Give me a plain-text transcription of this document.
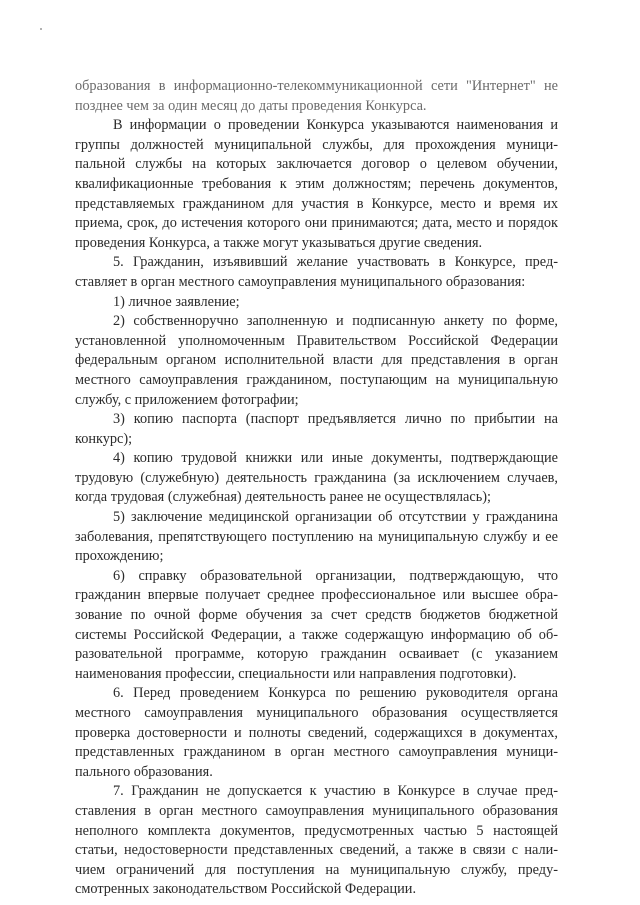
образования в информационно-телекоммуникационной сети "Интернет" не позднее чем за один месяц до даты проведения Конкурса.

В информации о проведении Конкурса указываются наименования и группы должностей муниципальной службы, для прохождения муниципальной службы на которых заключается договор о целевом обучении, квалификационные требования к этим должностям; перечень документов, представляемых гражданином для участия в Конкурсе, место и время их приема, срок, до истечения которого они принимаются; дата, место и порядок проведения Конкурса, а также могут указываться другие сведения.

5. Гражданин, изъявивший желание участвовать в Конкурсе, представляет в орган местного самоуправления муниципального образования:

1) личное заявление;

2) собственноручно заполненную и подписанную анкету по форме, установленной уполномоченным Правительством Российской Федерации федеральным органом исполнительной власти для представления в орган местного самоуправления гражданином, поступающим на муниципальную службу, с приложением фотографии;

3) копию паспорта (паспорт предъявляется лично по прибытии на конкурс);

4) копию трудовой книжки или иные документы, подтверждающие трудовую (служебную) деятельность гражданина (за исключением случаев, когда трудовая (служебная) деятельность ранее не осуществлялась);

5) заключение медицинской организации об отсутствии у гражданина заболевания, препятствующего поступлению на муниципальную службу и ее прохождению;

6) справку образовательной организации, подтверждающую, что гражданин впервые получает среднее профессиональное или высшее образование по очной форме обучения за счет средств бюджетов бюджетной системы Российской Федерации, а также содержащую информацию об образовательной программе, которую гражданин осваивает (с указанием наименования профессии, специальности или направления подготовки).

6. Перед проведением Конкурса по решению руководителя органа местного самоуправления муниципального образования осуществляется проверка достоверности и полноты сведений, содержащихся в документах, представленных гражданином в орган местного самоуправления муниципального образования.

7. Гражданин не допускается к участию в Конкурсе в случае представления в орган местного самоуправления муниципального образования неполного комплекта документов, предусмотренных частью 5 настоящей статьи, недостоверности представленных сведений, а также в связи с наличием ограничений для поступления на муниципальную службу, предусмотренных законодательством Российской Федерации.
